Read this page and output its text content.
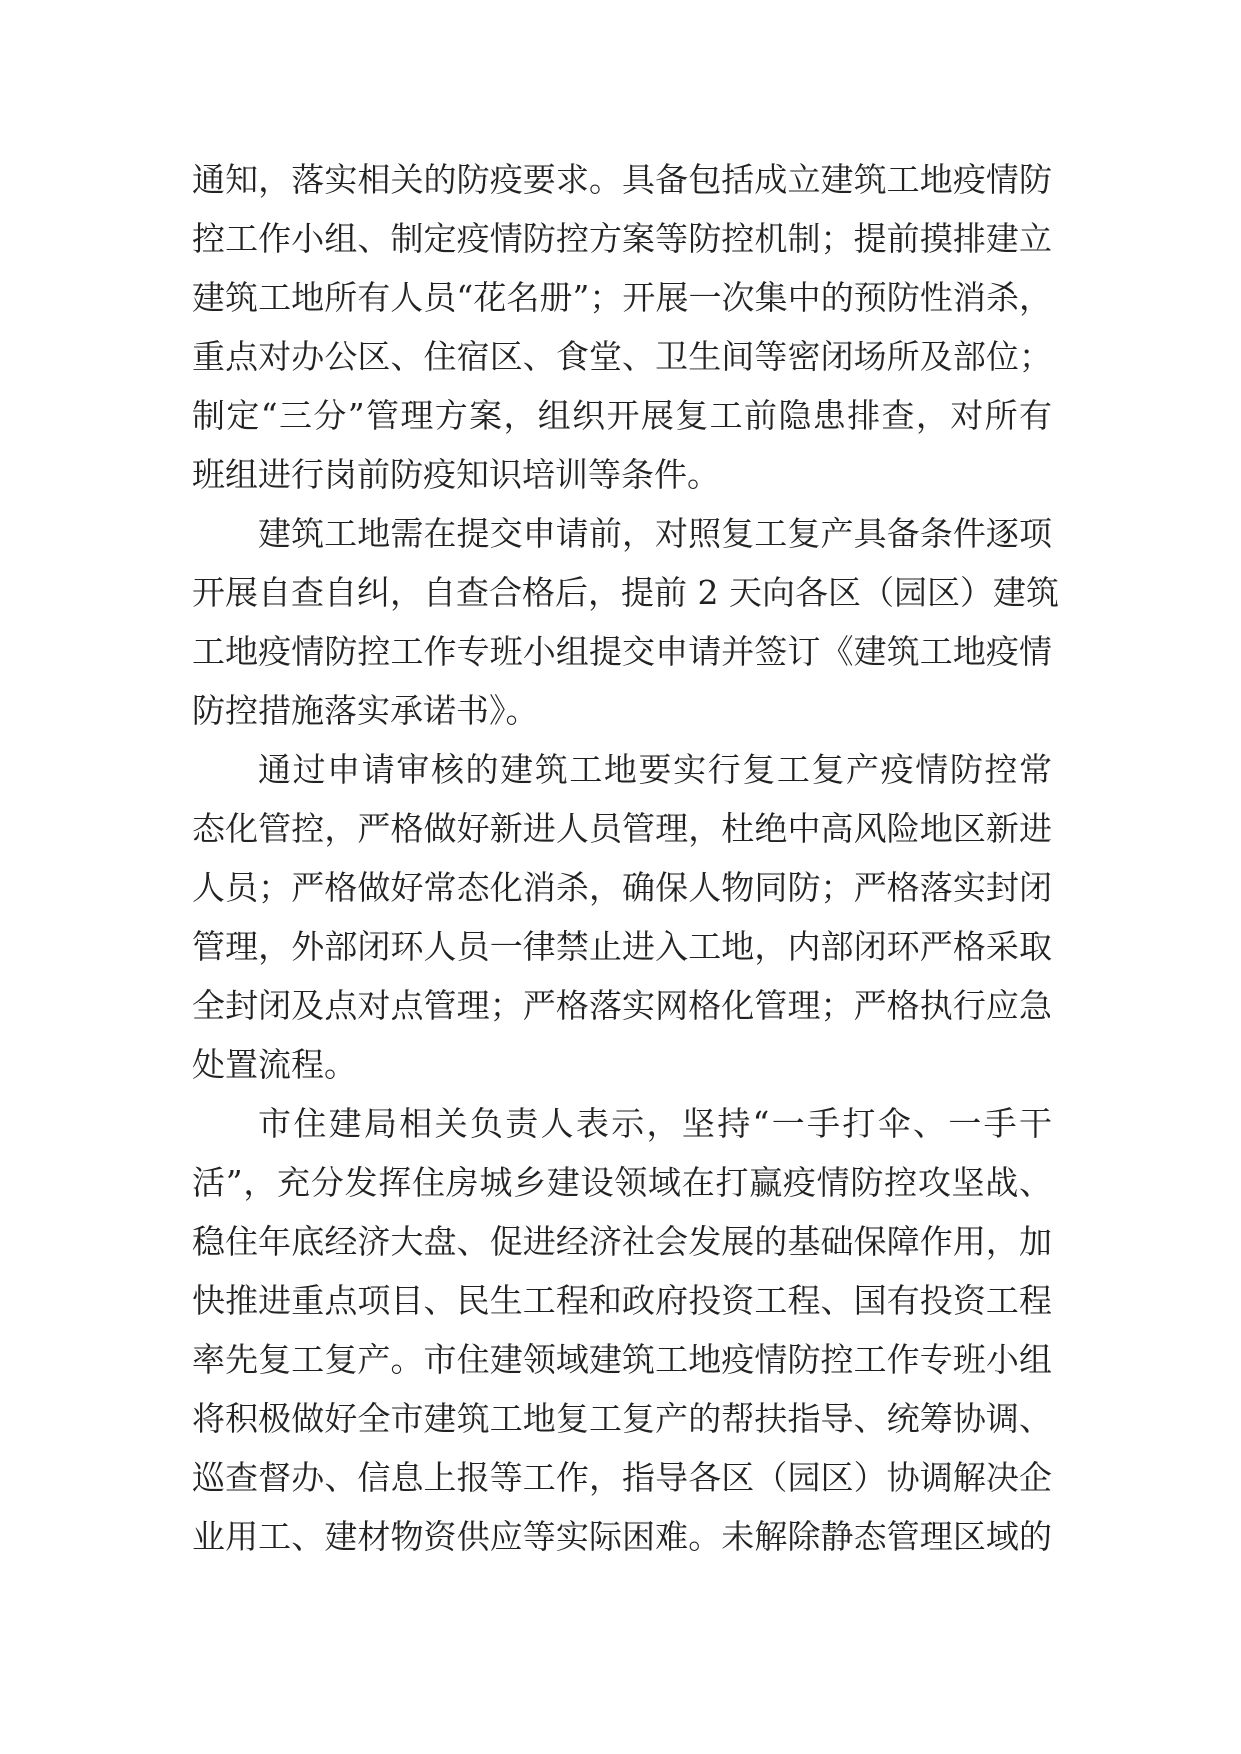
通知，落实相关的防疫要求。具备包括成立建筑工地疫情防
控工作小组、制定疫情防控方案等防控机制；提前摸排建立
建筑工地所有人员“花名册”；开展一次集中的预防性消杀，
重点对办公区、住宿区、食堂、卫生间等密闭场所及部位；
制定“三分”管理方案，组织开展复工前隐患排查，对所有
班组进行岗前防疫知识培训等条件。
建筑工地需在提交申请前，对照复工复产具备条件逐项
开展自查自纠，自查合格后，提前 2 天向各区（园区）建筑
工地疫情防控工作专班小组提交申请并签订《建筑工地疫情
防控措施落实承诺书》。
通过申请审核的建筑工地要实行复工复产疫情防控常
态化管控，严格做好新进人员管理，杜绝中高风险地区新进
人员；严格做好常态化消杀，确保人物同防；严格落实封闭
管理，外部闭环人员一律禁止进入工地，内部闭环严格采取
全封闭及点对点管理；严格落实网格化管理；严格执行应急
处置流程。
市住建局相关负责人表示，坚持“一手打伞、一手干
活”，充分发挥住房城乡建设领域在打赢疫情防控攻坚战、
稳住年底经济大盘、促进经济社会发展的基础保障作用，加
快推进重点项目、民生工程和政府投资工程、国有投资工程
率先复工复产。市住建领域建筑工地疫情防控工作专班小组
将积极做好全市建筑工地复工复产的帮扶指导、统筹协调、
巡查督办、信息上报等工作，指导各区（园区）协调解决企
业用工、建材物资供应等实际困难。未解除静态管理区域的
